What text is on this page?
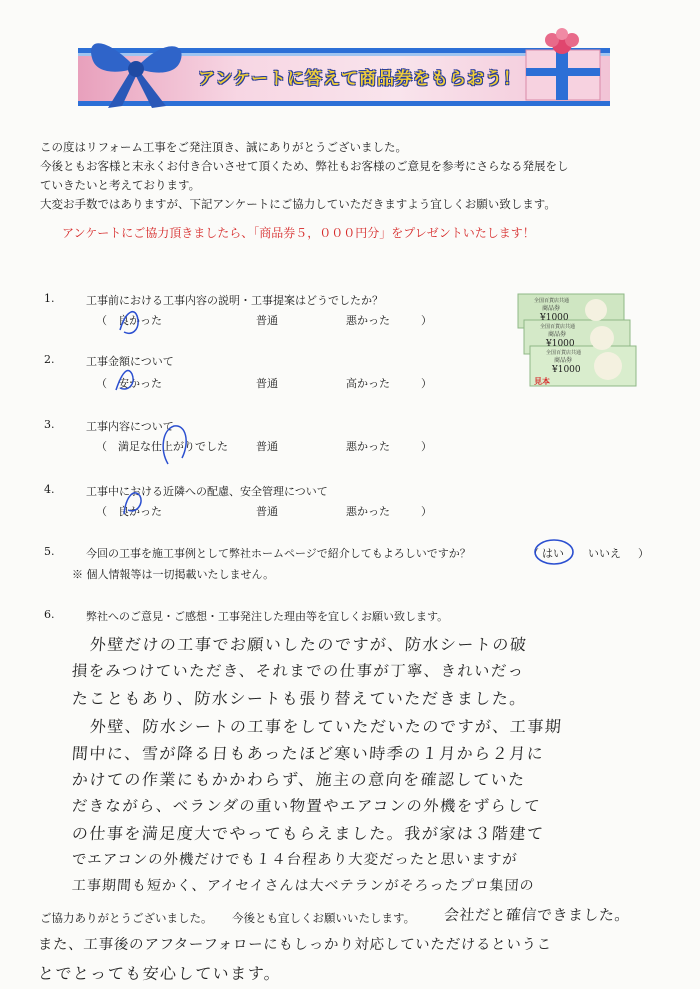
アンケートに答えて商品券をもらおう！

この度はリフォーム工事をご発注頂き、誠にありがとうございました。

今後ともお客様と末永くお付き合いさせて頂くため、弊社もお客様のご意見を参考にさらなる発展をし

ていきたいと考えております。

大変お手数ではありますが、下記アンケートにご協力していただきますよう宜しくお願い致します。

アンケートにご協力頂きましたら、「商品券５，０００円分」をプレゼントいたします！
全国百貨店共通
商品券
¥1000
全国百貨店共通
商品券
¥1000
全国百貨店共通
商品券
¥1000
見本
1.	工事前における工事内容の説明・工事提案はどうでしたか？
（ 良かった	普通	悪かった	）
2.	工事金額について
（ 安かった	普通	高かった	）
3.	工事内容について
（ 満足な仕上がりでした	普通	悪かった	）
4.	工事中における近隣への配慮、安全管理について
（ 良かった	普通	悪かった	）
5.	今回の工事を施工事例として弊社ホームページで紹介してもよろしいですか？	（ はい いいえ ）
※ 個人情報等は一切掲載いたしません。
6.	弊社へのご意見・ご感想・工事発注した理由等を宜しくお願い致します。
外壁だけの工事でお願いしたのですが、防水シートの破
損をみつけていただき、それまでの仕事が丁寧、きれいだっ
たこともあり、防水シートも張り替えていただきました。
外壁、防水シートの工事をしていただいたのですが、工事期
間中に、雪が降る日もあったほど寒い時季の１月から２月に
かけての作業にもかかわらず、施主の意向を確認していた
だきながら、ベランダの重い物置やエアコンの外機をずらして
の仕事を満足度大でやってもらえました。我が家は３階建て
でエアコンの外機だけでも１４台程あり大変だったと思いますが
工事期間も短かく、アイセイさんは大ベテランがそろったプロ集団の
ご協力ありがとうございました。 今後とも宜しくお願いいたします。 会社だと確信できました。
また、工事後のアフターフォローにもしっかり対応していただけるというこ
とでとっても安心しています。
